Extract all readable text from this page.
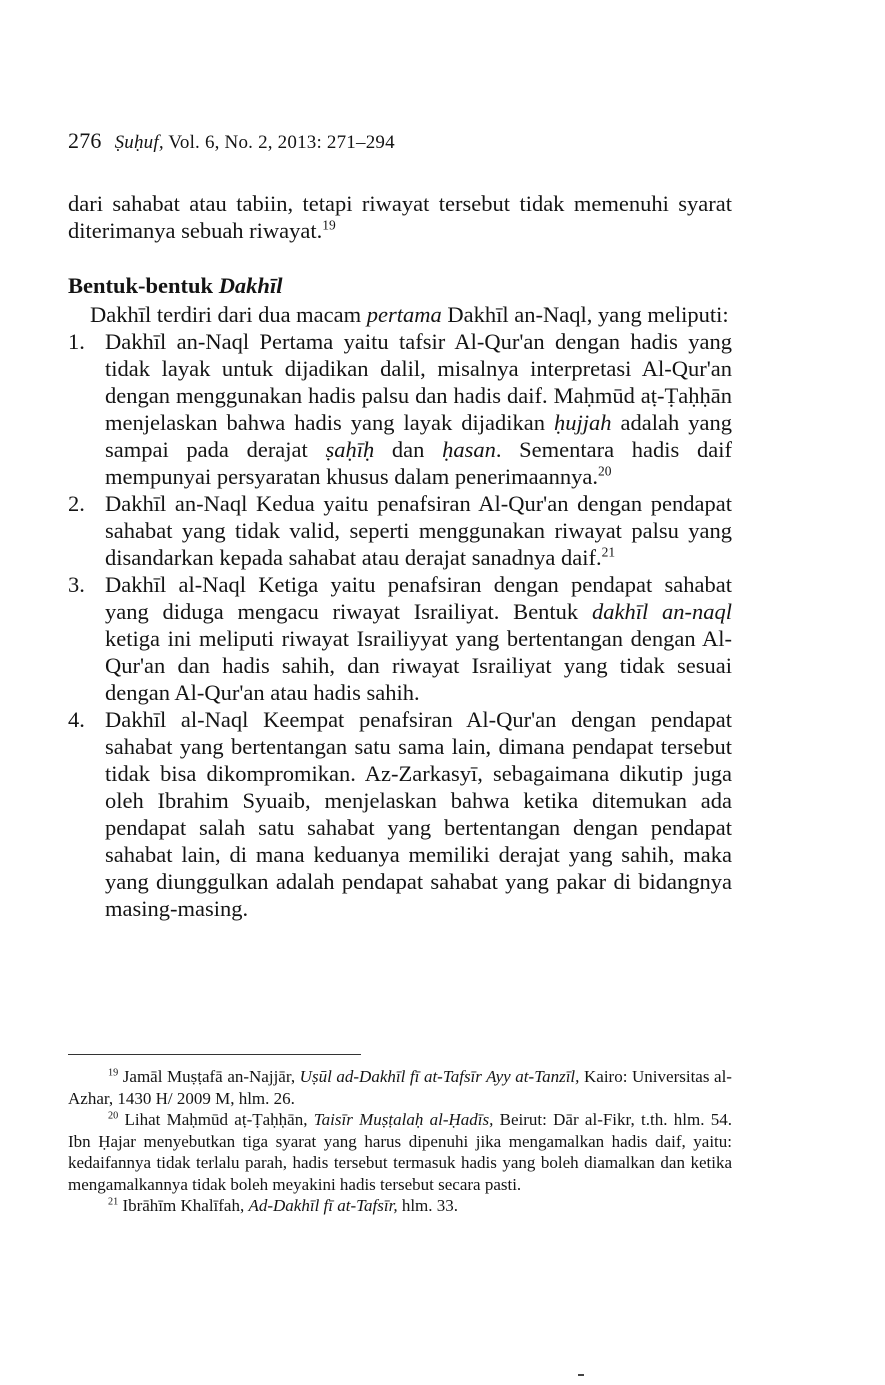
276 Ṣuḥuf, Vol. 6, No. 2, 2013: 271–294

dari sahabat atau tabiin, tetapi riwayat tersebut tidak memenuhi syarat diterimanya sebuah riwayat.$^{19}$

Bentuk-bentuk Dakhīl

Dakhīl terdiri dari dua macam pertama Dakhīl an-Naql, yang meliputi:

1. Dakhīl an-Naql Pertama yaitu tafsir Al-Qur'an dengan hadis yang tidak layak untuk dijadikan dalil, misalnya interpretasi Al-Qur'an dengan menggunakan hadis palsu dan hadis daif. Maḥmūd aṭ-Ṭaḥḥān menjelaskan bahwa hadis yang layak dijadikan ḥujjah adalah yang sampai pada derajat ṣaḥīḥ dan ḥasan. Sementara hadis daif mempunyai persyaratan khusus dalam penerimaannya.$^{20}$
2. Dakhīl an-Naql Kedua yaitu penafsiran Al-Qur'an dengan pendapat sahabat yang tidak valid, seperti menggunakan riwayat palsu yang disandarkan kepada sahabat atau derajat sanadnya daif.$^{21}$
3. Dakhīl al-Naql Ketiga yaitu penafsiran dengan pendapat sahabat yang diduga mengacu riwayat Israiliyat. Bentuk dakhīl an-naql ketiga ini meliputi riwayat Israiliyyat yang bertentangan dengan Al-Qur'an dan hadis sahih, dan riwayat Israiliyat yang tidak sesuai dengan Al-Qur'an atau hadis sahih.
4. Dakhīl al-Naql Keempat penafsiran Al-Qur'an dengan pendapat sahabat yang bertentangan satu sama lain, dimana pendapat tersebut tidak bisa dikompromikan. Az-Zarkasyī, sebagaimana dikutip juga oleh Ibrahim Syuaib, menjelaskan bahwa ketika ditemukan ada pendapat salah satu sahabat yang bertentangan dengan pendapat sahabat lain, di mana keduanya memiliki derajat yang sahih, maka yang diunggulkan adalah pendapat sahabat yang pakar di bidangnya masing-masing.

$^{19}$ Jamāl Muṣṭafā an-Najjār, Uṣūl ad-Dakhīl fī at-Tafsīr Ayy at-Tanzīl, Kairo: Universitas al-Azhar, 1430 H/ 2009 M, hlm. 26.

$^{20}$ Lihat Maḥmūd aṭ-Ṭaḥḥān, Taisīr Muṣṭalaḥ al-Ḥadīs, Beirut: Dār al-Fikr, t.th. hlm. 54. Ibn Ḥajar menyebutkan tiga syarat yang harus dipenuhi jika mengamalkan hadis daif, yaitu: kedaifannya tidak terlalu parah, hadis tersebut termasuk hadis yang boleh diamalkan dan ketika mengamalkannya tidak boleh meyakini hadis tersebut secara pasti.

$^{21}$ Ibrāhīm Khalīfah, Ad-Dakhīl fī at-Tafsīr, hlm. 33.
